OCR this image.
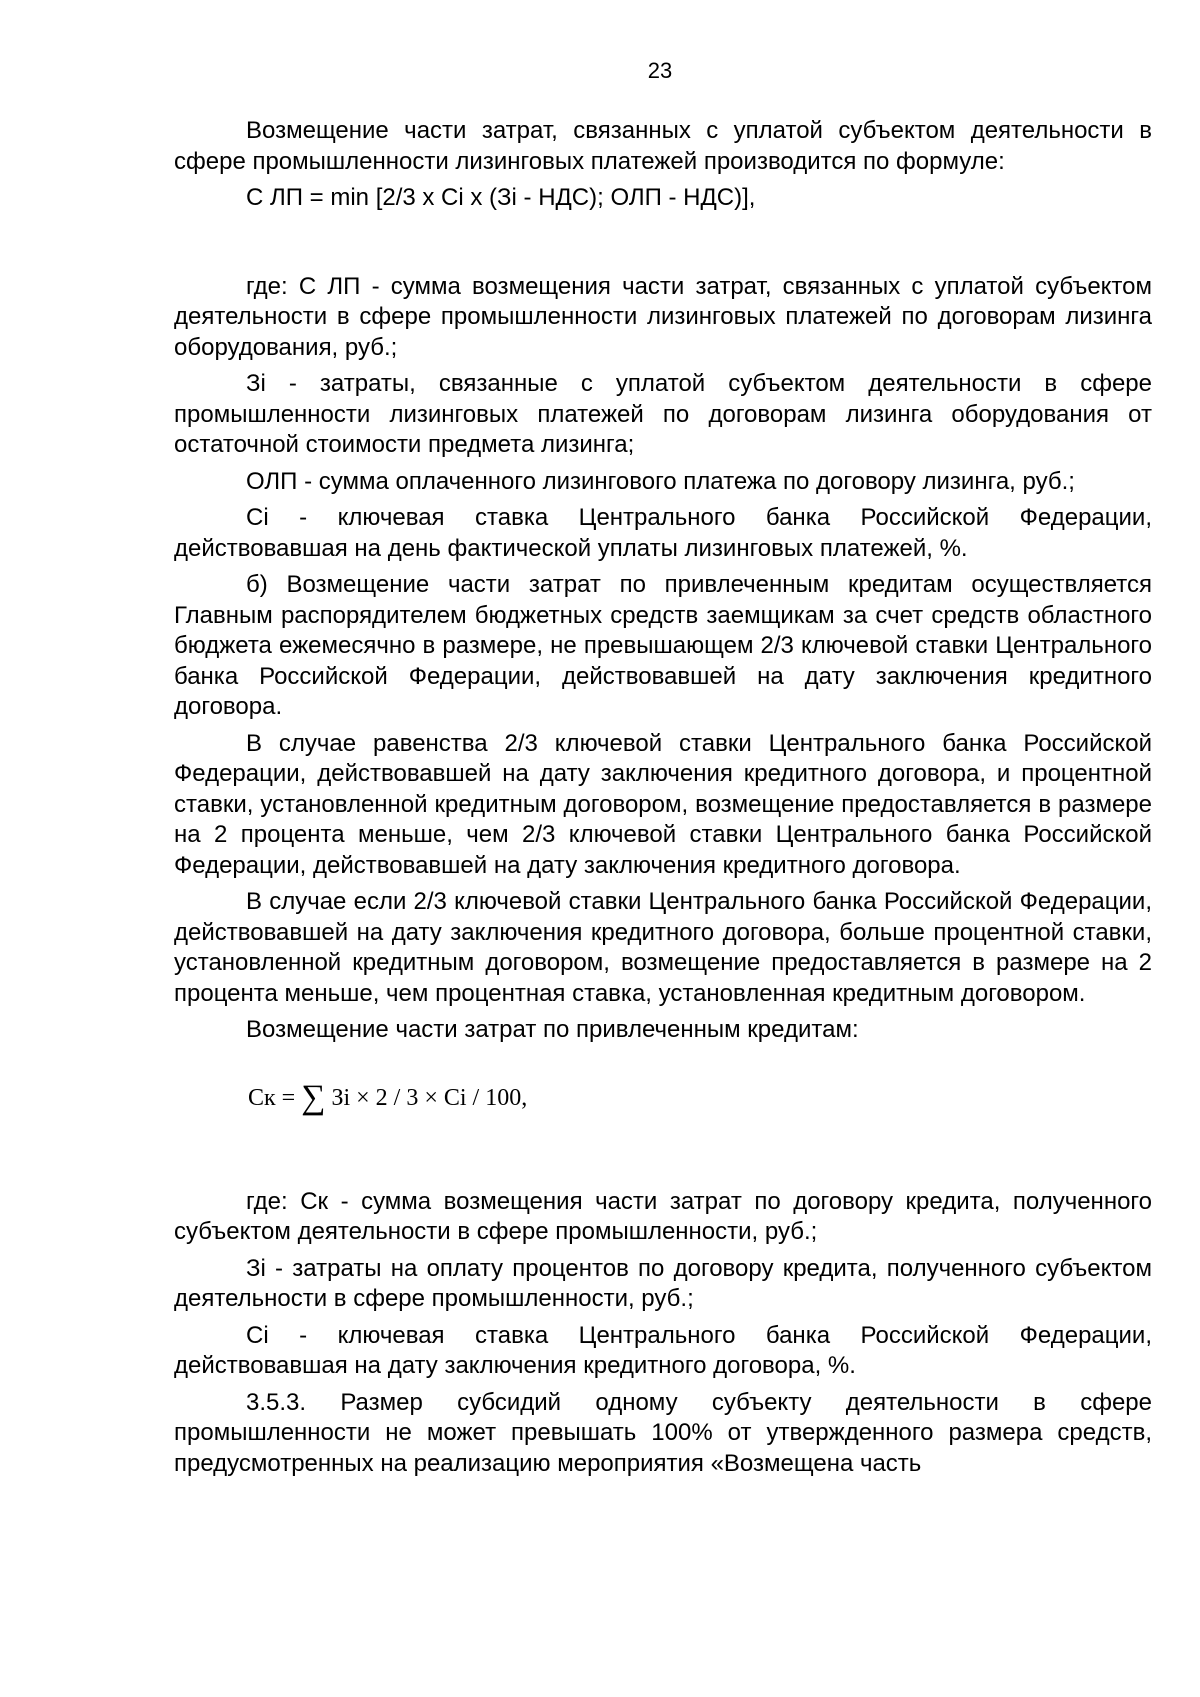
23

Возмещение части затрат, связанных с уплатой субъектом деятельности в сфере промышленности лизинговых платежей производится по формуле:

С ЛП = min [2/3 x Ci x (Зi - НДС); ОЛП - НДС)],

где: С ЛП - сумма возмещения части затрат, связанных с уплатой субъектом деятельности в сфере промышленности лизинговых платежей по договорам лизинга оборудования, руб.;

Зi - затраты, связанные с уплатой субъектом деятельности в сфере промышленности лизинговых платежей по договорам лизинга оборудования от остаточной стоимости предмета лизинга;

ОЛП - сумма оплаченного лизингового платежа по договору лизинга, руб.;

Ci - ключевая ставка Центрального банка Российской Федерации, действовавшая на день фактической уплаты лизинговых платежей, %.

б) Возмещение части затрат по привлеченным кредитам осуществляется Главным распорядителем бюджетных средств заемщикам за счет средств областного бюджета ежемесячно в размере, не превышающем 2/3 ключевой ставки Центрального банка Российской Федерации, действовавшей на дату заключения кредитного договора.

В случае равенства 2/3 ключевой ставки Центрального банка Российской Федерации, действовавшей на дату заключения кредитного договора, и процентной ставки, установленной кредитным договором, возмещение предоставляется в размере на 2 процента меньше, чем 2/3 ключевой ставки Центрального банка Российской Федерации, действовавшей на дату заключения кредитного договора.

В случае если 2/3 ключевой ставки Центрального банка Российской Федерации, действовавшей на дату заключения кредитного договора, больше процентной ставки, установленной кредитным договором, возмещение предоставляется в размере на 2 процента меньше, чем процентная ставка, установленная кредитным договором.

Возмещение части затрат по привлеченным кредитам:

Ск = ∑ Зi × 2 / 3 × Ci / 100,

где: Ск - сумма возмещения части затрат по договору кредита, полученного субъектом деятельности в сфере промышленности, руб.;

Зi - затраты на оплату процентов по договору кредита, полученного субъектом деятельности в сфере промышленности, руб.;

Ci - ключевая ставка Центрального банка Российской Федерации, действовавшая на дату заключения кредитного договора, %.

3.5.3. Размер субсидий одному субъекту деятельности в сфере промышленности не может превышать 100% от утвержденного размера средств, предусмотренных на реализацию мероприятия «Возмещена часть
